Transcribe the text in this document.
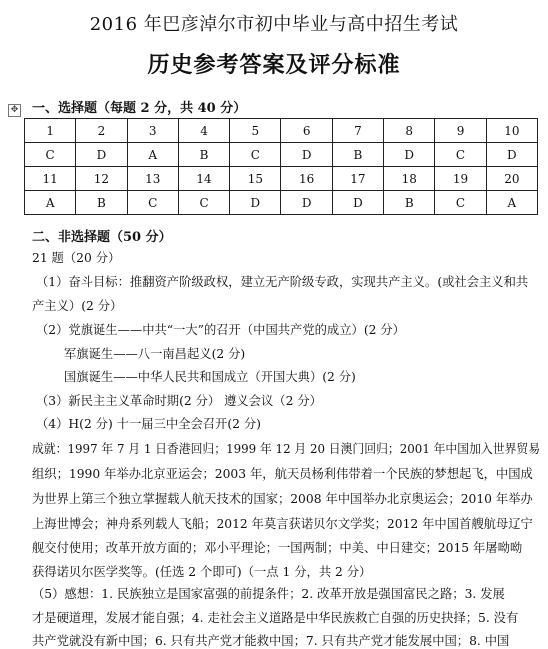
2016 年巴彦淖尔市初中毕业与高中招生考试
历史参考答案及评分标准
✥ 一、选择题（每题 2 分，共 40 分）
1	2	3	4	5	6	7	8	9	10
C	D	A	B	C	D	B	D	C	D
11	12	13	14	15	16	17	18	19	20
A	B	C	C	D	D	D	B	C	A
二、非选择题（50 分）
21 题（20 分）
（1）奋斗目标：推翻资产阶级政权，建立无产阶级专政，实现共产主义。(或社会主义和共
产主义）(2 分）
（2）党旗诞生——中共“一大”的召开（中国共产党的成立）(2 分）
军旗诞生——八一南昌起义(2 分)
国旗诞生——中华人民共和国成立（开国大典）(2 分)
（3）新民主主义革命时期(2 分） 遵义会议（2 分）
（4）H(2 分) 十一届三中全会召开(2 分)
成就：1997 年 7 月 1 日香港回归；1999 年 12 月 20 日澳门回归；2001 年中国加入世界贸易
组织；1990 年举办北京亚运会；2003 年，航天员杨利伟带着一个民族的梦想起飞，中国成
为世界上第三个独立掌握载人航天技术的国家；2008 年中国举办北京奥运会；2010 年举办
上海世博会；神舟系列载人飞船；2012 年莫言获诺贝尔文学奖；2012 年中国首艘航母辽宁
舰交付使用；改革开放方面的；邓小平理论；一国两制；中美、中日建交；2015 年屠呦呦
获得诺贝尔医学奖等。(任选 2 个即可)（一点 1 分，共 2 分）
（5）感想：1. 民族独立是国家富强的前提条件；2. 改革开放是强国富民之路；3. 发展
才是硬道理，发展才能自强；4. 走社会主义道路是中华民族救亡自强的历史抉择；5. 没有
共产党就没有新中国；6. 只有共产党才能救中国；7. 只有共产党才能发展中国；8. 中国
